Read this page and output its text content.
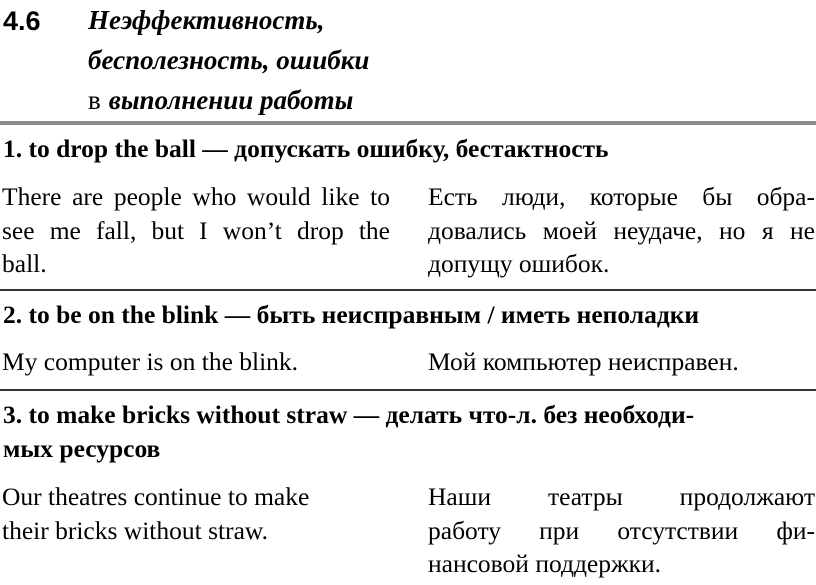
4.6 Неэффективность,
бесполезность, ошибки
в выполнении работы
1. to drop the ball — допускать ошибку, бестактность
There are people who would like to
see me fall, but I won’t drop the
ball.
Есть люди, которые бы обра-
довались моей неудаче, но я не
допущу ошибок.
2. to be on the blink — быть неисправным / иметь неполадки
My computer is on the blink.	Мой компьютер неисправен.
3. to make bricks without straw — делать что-л. без необходи-
мых ресурсов
Our theatres continue to make
their bricks without straw.
Наши театры продолжают
работу при отсутствии фи-
нансовой поддержки.
